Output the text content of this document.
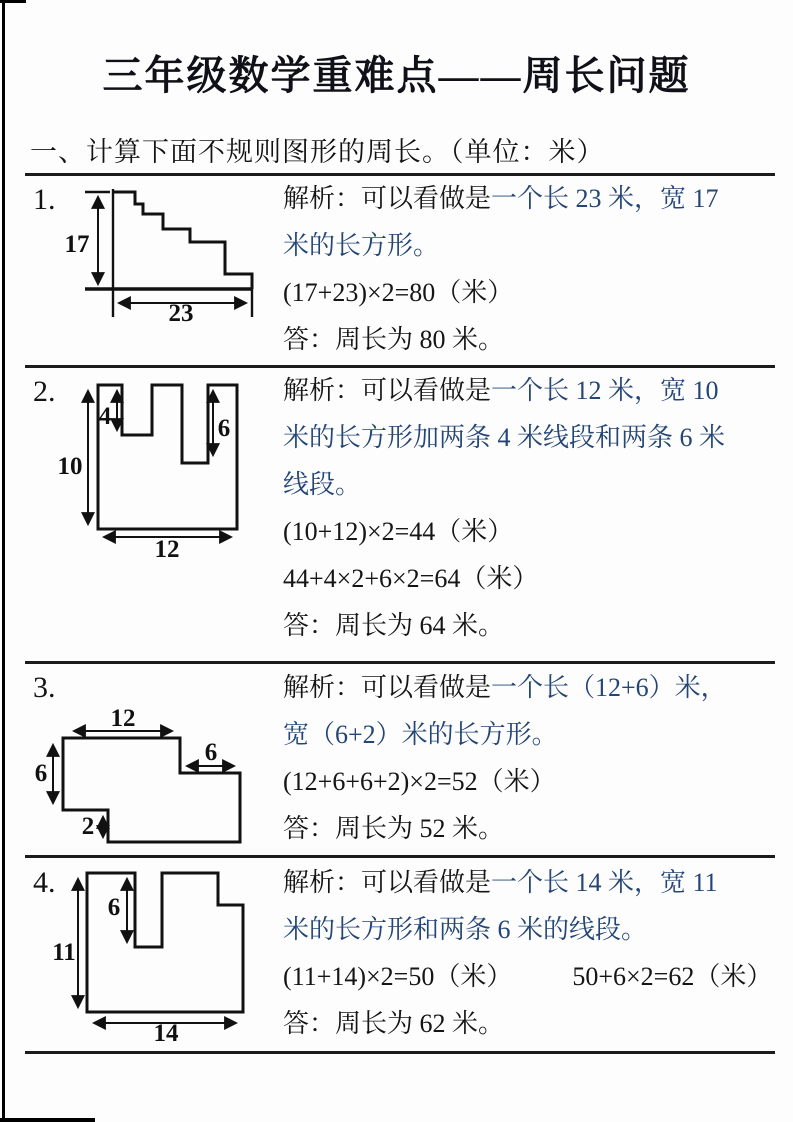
三年级数学重难点——周长问题
一、计算下面不规则图形的周长。（单位：米）
1.
2.
3.
4.
17
23
解析：可以看做是一个长 23 米，宽 17
米的长方形。
(17+23)×2=80（米）
答：周长为 80 米。
4	6
10
12
解析：可以看做是一个长 12 米，宽 10
米的长方形加两条 4 米线段和两条 6 米
线段。
(10+12)×2=44（米）
44+4×2+6×2=64（米）
答：周长为 64 米。
12
6
6
2
解析：可以看做是一个长（12+6）米，
宽（6+2）米的长方形。
(12+6+6+2)×2=52（米）
答：周长为 52 米。
6
11
14
解析：可以看做是一个长 14 米，宽 11
米的长方形和两条 6 米的线段。
(11+14)×2=50（米） 50+6×2=62（米）
答：周长为 62 米。
